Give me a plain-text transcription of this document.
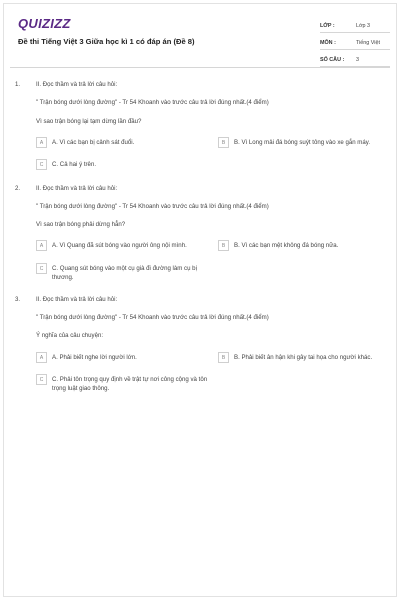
QUIZIZZ
Đề thi Tiếng Việt 3 Giữa học kì 1 có đáp án (Đề 8)
LỚP :	Lớp 3
MÔN :	Tiếng Việt
SỐ CÂU :	3
1.	II. Đọc thầm và trả lời câu hỏi:
" Trận bóng dưới lòng đường" - Tr 54 Khoanh vào trước câu trả lời đúng nhất.(4 điểm)
Vì sao trận bóng lại tạm dừng lần đầu?
A	A. Vì các bạn bị cảnh sát đuổi.	B	B. Vì Long mải đá bóng suýt tông vào xe gắn máy.
C	C. Cả hai ý trên.
2.	II. Đọc thầm và trả lời câu hỏi:
" Trận bóng dưới lòng đường" - Tr 54 Khoanh vào trước câu trả lời đúng nhất.(4 điểm)
Vì sao trận bóng phải dừng hẳn?
A	A. Vì Quang đã sút bóng vào người ông nội mình.	B	B. Vì các bạn mệt không đá bóng nữa.
C	C. Quang sút bóng vào một cụ già đi đường làm cụ bị thương.
3.	II. Đọc thầm và trả lời câu hỏi:
" Trận bóng dưới lòng đường" - Tr 54 Khoanh vào trước câu trả lời đúng nhất.(4 điểm)
Ý nghĩa của câu chuyện:
A	A. Phải biết nghe lời người lớn.	B	B. Phải biết ân hận khi gây tai họa cho người khác.
C	C. Phải tôn trọng quy định về trật tự nơi công cộng và tôn trọng luật giao thông.
